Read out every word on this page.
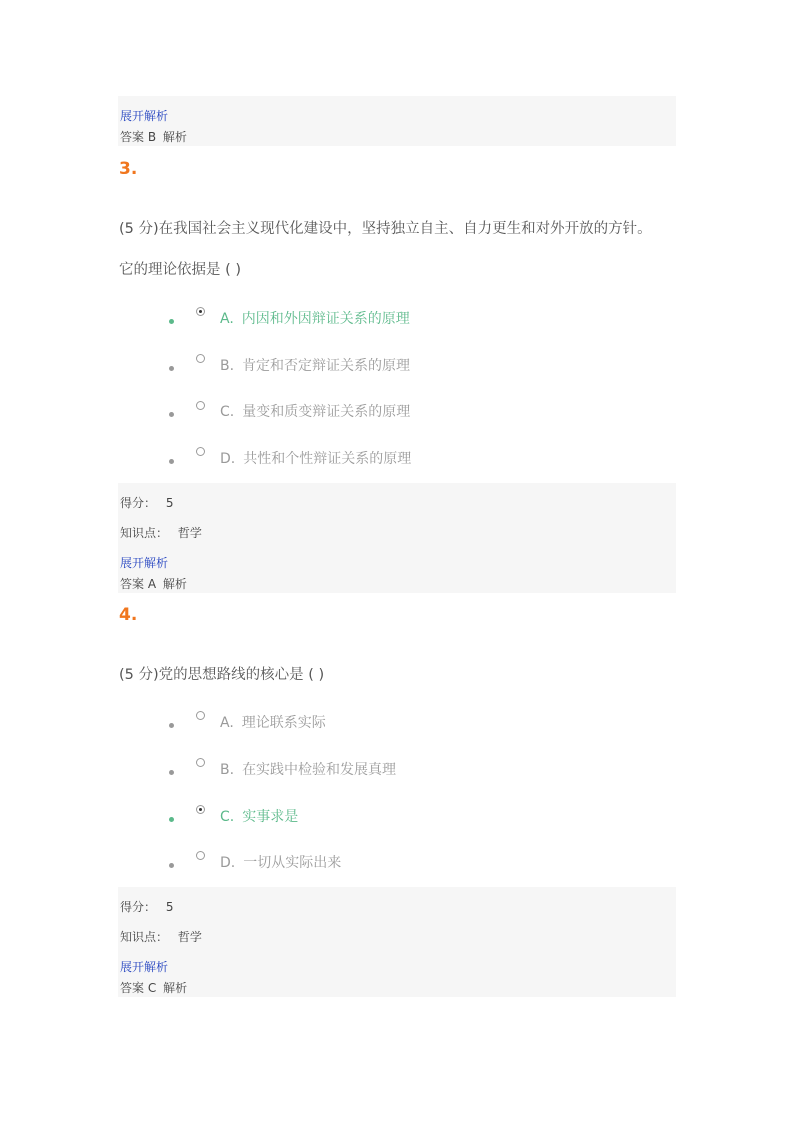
展开解析
答案 B 解析
3.
(5 分)在我国社会主义现代化建设中，坚持独立自主、自力更生和对外开放的方针。
它的理论依据是 ( )
A. 内因和外因辩证关系的原理
B. 肯定和否定辩证关系的原理
C. 量变和质变辩证关系的原理
D. 共性和个性辩证关系的原理
得分： 5
知识点： 哲学
展开解析
答案 A 解析
4.
(5 分)党的思想路线的核心是 ( )
A. 理论联系实际
B. 在实践中检验和发展真理
C. 实事求是
D. 一切从实际出来
得分： 5
知识点： 哲学
展开解析
答案 C 解析
